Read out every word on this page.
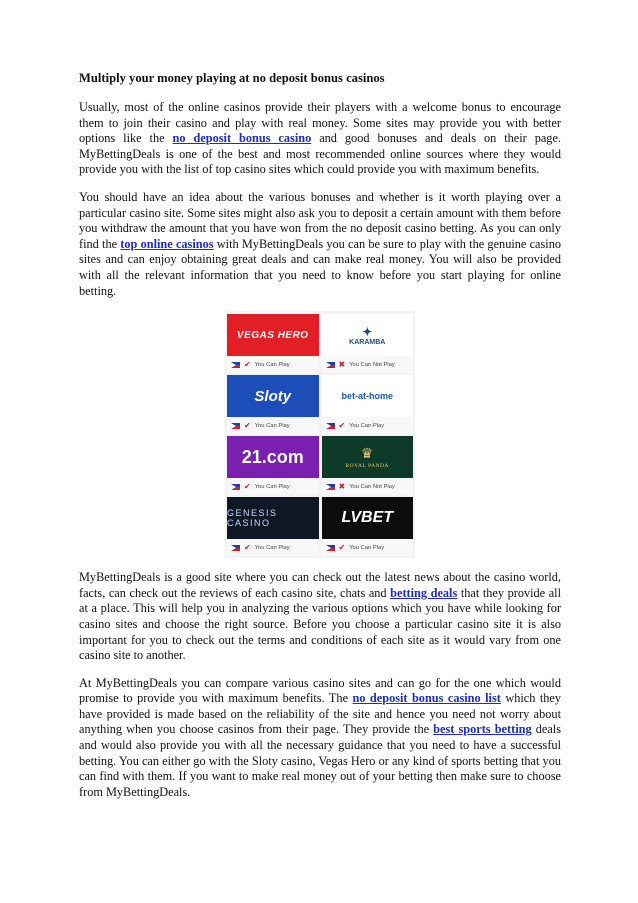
Multiply your money playing at no deposit bonus casinos

Usually, most of the online casinos provide their players with a welcome bonus to encourage them to join their casino and play with real money. Some sites may provide you with better options like the no deposit bonus casino and good bonuses and deals on their page. MyBettingDeals is one of the best and most recommended online sources where they would provide you with the list of top casino sites which could provide you with maximum benefits.

You should have an idea about the various bonuses and whether is it worth playing over a particular casino site. Some sites might also ask you to deposit a certain amount with them before you withdraw the amount that you have won from the no deposit casino betting. As you can only find the top online casinos with MyBettingDeals you can be sure to play with the genuine casino sites and can enjoy obtaining great deals and can make real money. You will also be provided with all the relevant information that you need to know before you start playing for online betting.

VEGAS HERO
✔ You Can Play
✦
KARAMBA
✖ You Can Not Play
Sloty
✔ You Can Play
bet-at-home
✔ You Can Play
21.com
✔ You Can Play
♛
ROYAL PANDA
✖ You Can Not Play
GENESIS CASINO
✔ You Can Play
LVBET
✔ You Can Play

MyBettingDeals is a good site where you can check out the latest news about the casino world, facts, can check out the reviews of each casino site, chats and betting deals that they provide all at a place. This will help you in analyzing the various options which you have while looking for casino sites and choose the right source. Before you choose a particular casino site it is also important for you to check out the terms and conditions of each site as it would vary from one casino site to another.

At MyBettingDeals you can compare various casino sites and can go for the one which would promise to provide you with maximum benefits. The no deposit bonus casino list which they have provided is made based on the reliability of the site and hence you need not worry about anything when you choose casinos from their page. They provide the best sports betting deals and would also provide you with all the necessary guidance that you need to have a successful betting. You can either go with the Sloty casino, Vegas Hero or any kind of sports betting that you can find with them. If you want to make real money out of your betting then make sure to choose from MyBettingDeals.
